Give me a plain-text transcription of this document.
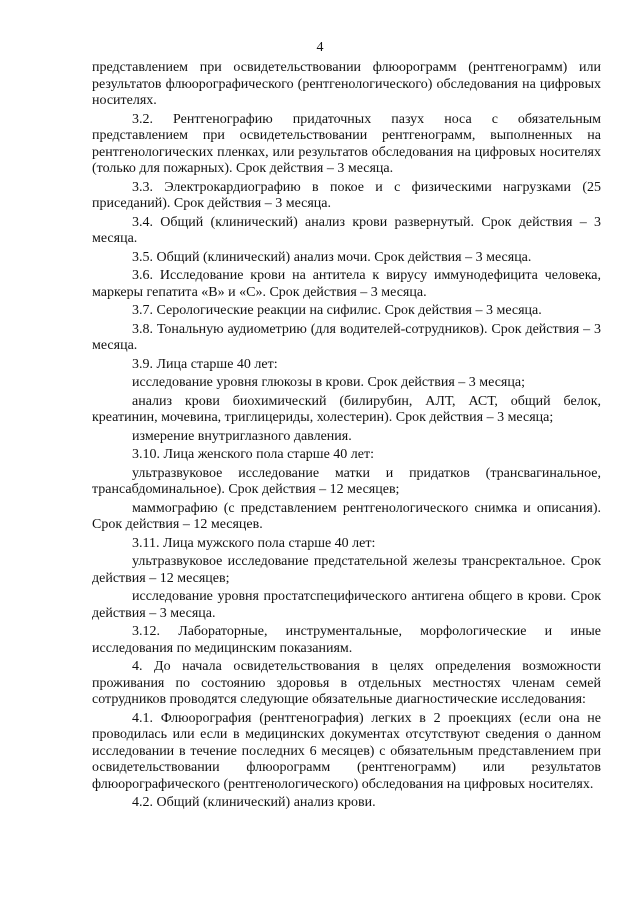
4

представлением при освидетельствовании флюорограмм (рентгенограмм) или результатов флюорографического (рентгенологического) обследования на цифровых носителях.

3.2. Рентгенографию придаточных пазух носа с обязательным представлением при освидетельствовании рентгенограмм, выполненных на рентгенологических пленках, или результатов обследования на цифровых носителях (только для пожарных). Срок действия – 3 месяца.

3.3. Электрокардиографию в покое и с физическими нагрузками (25 приседаний). Срок действия – 3 месяца.

3.4. Общий (клинический) анализ крови развернутый. Срок действия – 3 месяца.

3.5. Общий (клинический) анализ мочи. Срок действия – 3 месяца.

3.6. Исследование крови на антитела к вирусу иммунодефицита человека, маркеры гепатита «В» и «С». Срок действия – 3 месяца.

3.7. Серологические реакции на сифилис. Срок действия – 3 месяца.

3.8. Тональную аудиометрию (для водителей-сотрудников). Срок действия – 3 месяца.

3.9. Лица старше 40 лет:

исследование уровня глюкозы в крови. Срок действия – 3 месяца;

анализ крови биохимический (билирубин, АЛТ, АСТ, общий белок, креатинин, мочевина, триглицериды, холестерин). Срок действия – 3 месяца;

измерение внутриглазного давления.

3.10. Лица женского пола старше 40 лет:

ультразвуковое исследование матки и придатков (трансвагинальное, трансабдоминальное). Срок действия – 12 месяцев;

маммографию (с представлением рентгенологического снимка и описания). Срок действия – 12 месяцев.

3.11. Лица мужского пола старше 40 лет:

ультразвуковое исследование предстательной железы трансректальное. Срок действия – 12 месяцев;

исследование уровня простатспецифического антигена общего в крови. Срок действия – 3 месяца.

3.12. Лабораторные, инструментальные, морфологические и иные исследования по медицинским показаниям.

4. До начала освидетельствования в целях определения возможности проживания по состоянию здоровья в отдельных местностях членам семей сотрудников проводятся следующие обязательные диагностические исследования:

4.1. Флюорография (рентгенография) легких в 2 проекциях (если она не проводилась или если в медицинских документах отсутствуют сведения о данном исследовании в течение последних 6 месяцев) с обязательным представлением при освидетельствовании флюорограмм (рентгенограмм) или результатов флюорографического (рентгенологического) обследования на цифровых носителях.

4.2. Общий (клинический) анализ крови.
